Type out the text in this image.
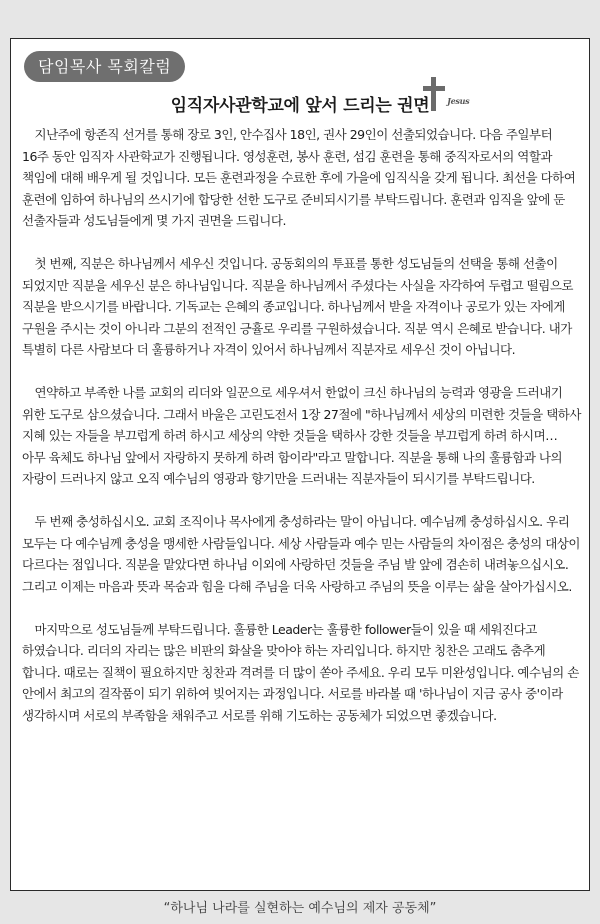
담임목사 목회칼럼
임직자사관학교에 앞서 드리는 권면 Jesus

지난주에 항존직 선거를 통해 장로 3인, 안수집사 18인, 권사 29인이 선출되었습니다. 다음 주일부터 16주 동안 임직자 사관학교가 진행됩니다. 영성훈련, 봉사 훈련, 섬김 훈련을 통해 중직자로서의 역할과 책임에 대해 배우게 될 것입니다. 모든 훈련과정을 수료한 후에 가을에 임직식을 갖게 됩니다. 최선을 다하여 훈련에 임하여 하나님의 쓰시기에 합당한 선한 도구로 준비되시기를 부탁드립니다. 훈련과 임직을 앞에 둔 선출자들과 성도님들에게 몇 가지 권면을 드립니다.

첫 번째, 직분은 하나님께서 세우신 것입니다. 공동회의의 투표를 통한 성도님들의 선택을 통해 선출이 되었지만 직분을 세우신 분은 하나님입니다. 직분을 하나님께서 주셨다는 사실을 자각하여 두렵고 떨림으로 직분을 받으시기를 바랍니다. 기독교는 은혜의 종교입니다. 하나님께서 받을 자격이나 공로가 있는 자에게 구원을 주시는 것이 아니라 그분의 전적인 긍휼로 우리를 구원하셨습니다. 직분 역시 은혜로 받습니다. 내가 특별히 다른 사람보다 더 훌륭하거나 자격이 있어서 하나님께서 직분자로 세우신 것이 아닙니다.

연약하고 부족한 나를 교회의 리더와 일꾼으로 세우셔서 한없이 크신 하나님의 능력과 영광을 드러내기 위한 도구로 삼으셨습니다. 그래서 바울은 고린도전서 1장 27절에 "하나님께서 세상의 미련한 것들을 택하사 지혜 있는 자들을 부끄럽게 하려 하시고 세상의 약한 것들을 택하사 강한 것들을 부끄럽게 하려 하시며… 아무 육체도 하나님 앞에서 자랑하지 못하게 하려 함이라"라고 말합니다. 직분을 통해 나의 훌륭함과 나의 자랑이 드러나지 않고 오직 예수님의 영광과 향기만을 드러내는 직분자들이 되시기를 부탁드립니다.

두 번째 충성하십시오. 교회 조직이나 목사에게 충성하라는 말이 아닙니다. 예수님께 충성하십시오. 우리 모두는 다 예수님께 충성을 맹세한 사람들입니다. 세상 사람들과 예수 믿는 사람들의 차이점은 충성의 대상이 다르다는 점입니다. 직분을 맡았다면 하나님 이외에 사랑하던 것들을 주님 발 앞에 겸손히 내려놓으십시오. 그리고 이제는 마음과 뜻과 목숨과 힘을 다해 주님을 더욱 사랑하고 주님의 뜻을 이루는 삶을 살아가십시오.

마지막으로 성도님들께 부탁드립니다. 훌륭한 Leader는 훌륭한 follower들이 있을 때 세워진다고 하였습니다. 리더의 자리는 많은 비판의 화살을 맞아야 하는 자리입니다. 하지만 칭찬은 고래도 춤추게 합니다. 때로는 질책이 필요하지만 칭찬과 격려를 더 많이 쏟아 주세요. 우리 모두 미완성입니다. 예수님의 손 안에서 최고의 걸작품이 되기 위하여 빚어지는 과정입니다. 서로를 바라볼 때 '하나님이 지금 공사 중'이라 생각하시며 서로의 부족함을 채워주고 서로를 위해 기도하는 공동체가 되었으면 좋겠습니다.

“하나님 나라를 실현하는 예수님의 제자 공동체”
